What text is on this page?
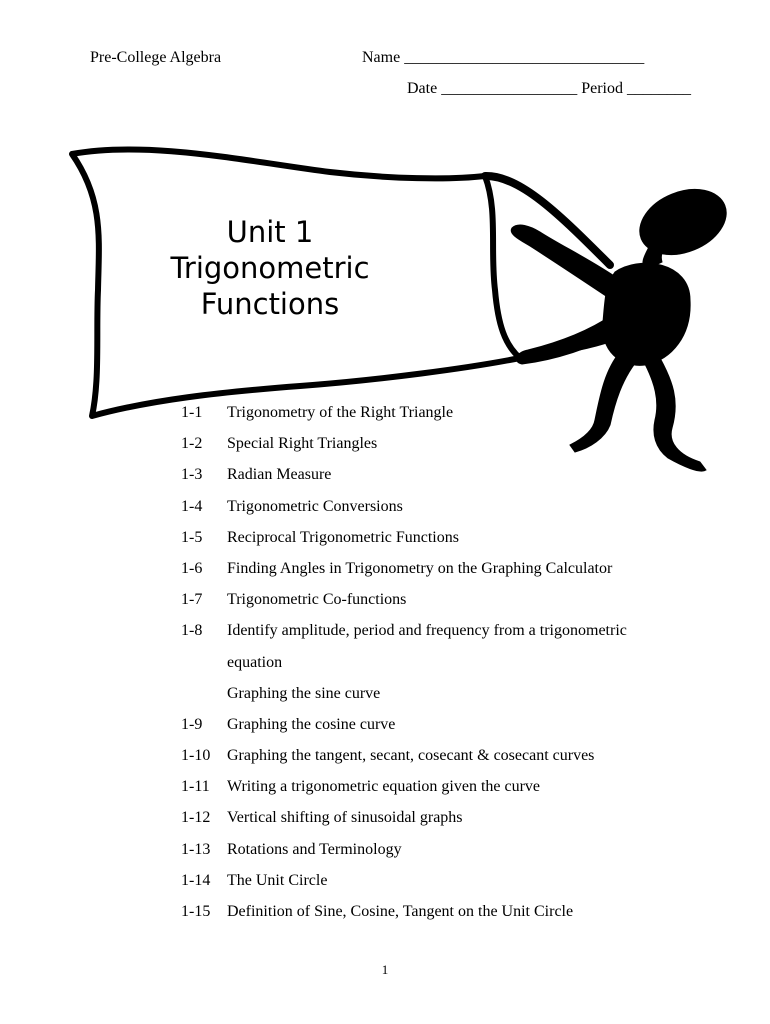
Pre-College Algebra	Name ______________________________
Date _________________ Period ________
Unit 1
Trigonometric
Functions
1-1 Trigonometry of the Right Triangle
1-2 Special Right Triangles
1-3 Radian Measure
1-4 Trigonometric Conversions
1-5 Reciprocal Trigonometric Functions
1-6 Finding Angles in Trigonometry on the Graphing Calculator
1-7 Trigonometric Co-functions
1-8 Identify amplitude, period and frequency from a trigonometric
equation
Graphing the sine curve
1-9 Graphing the cosine curve
1-10 Graphing the tangent, secant, cosecant & cosecant curves
1-11 Writing a trigonometric equation given the curve
1-12 Vertical shifting of sinusoidal graphs
1-13 Rotations and Terminology
1-14 The Unit Circle
1-15 Definition of Sine, Cosine, Tangent on the Unit Circle
1
